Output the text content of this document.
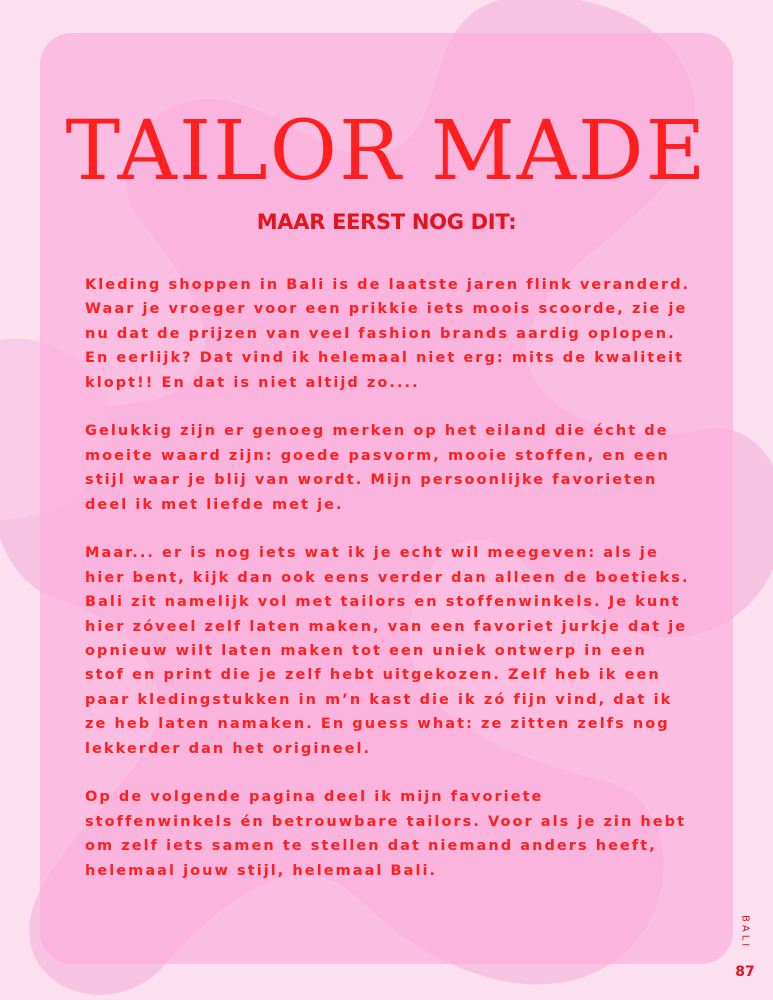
TAILOR MADE
MAAR EERST NOG DIT:

Kleding shoppen in Bali is de laatste jaren flink veranderd.
Waar je vroeger voor een prikkie iets moois scoorde, zie je
nu dat de prijzen van veel fashion brands aardig oplopen.
En eerlijk? Dat vind ik helemaal niet erg: mits de kwaliteit
klopt!! En dat is niet altijd zo....

Gelukkig zijn er genoeg merken op het eiland die écht de
moeite waard zijn: goede pasvorm, mooie stoffen, en een
stijl waar je blij van wordt. Mijn persoonlijke favorieten
deel ik met liefde met je.

Maar... er is nog iets wat ik je echt wil meegeven: als je
hier bent, kijk dan ook eens verder dan alleen de boetieks.
Bali zit namelijk vol met tailors en stoffenwinkels. Je kunt
hier zóveel zelf laten maken, van een favoriet jurkje dat je
opnieuw wilt laten maken tot een uniek ontwerp in een
stof en print die je zelf hebt uitgekozen. Zelf heb ik een
paar kledingstukken in m’n kast die ik zó fijn vind, dat ik
ze heb laten namaken. En guess what: ze zitten zelfs nog
lekkerder dan het origineel.

Op de volgende pagina deel ik mijn favoriete
stoffenwinkels én betrouwbare tailors. Voor als je zin hebt
om zelf iets samen te stellen dat niemand anders heeft,
helemaal jouw stijl, helemaal Bali.

BALI
87
